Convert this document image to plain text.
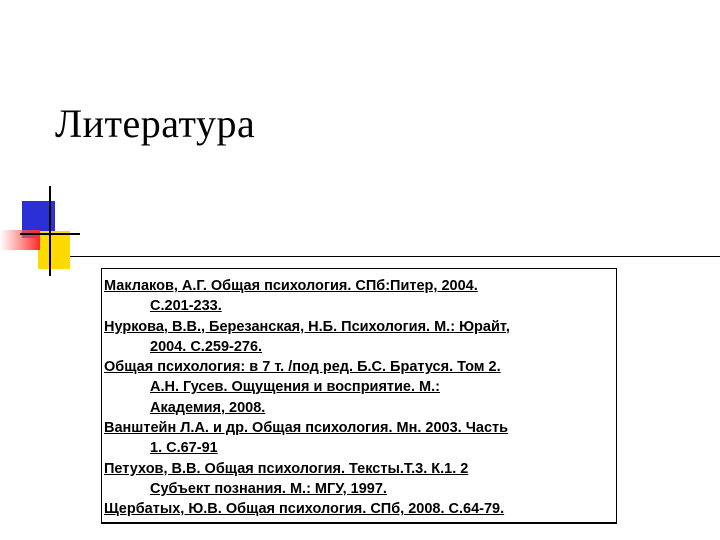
Литература
Маклаков, А.Г. Общая психология. СПб:Питер, 2004.
С.201-233.
Нуркова, В.В., Березанская, Н.Б. Психология. М.: Юрайт,
2004. С.259-276.
Общая психология: в 7 т. /под ред. Б.С. Братуся. Том 2.
А.Н. Гусев. Ощущения и восприятие. М.:
Академия, 2008.
Ванштейн Л.А. и др. Общая психология. Мн. 2003. Часть
1. С.67-91
Петухов, В.В. Общая психология. Тексты.Т.3. К.1. 2
Субъект познания. М.: МГУ, 1997.
Щербатых, Ю.В. Общая психология. СПб, 2008. С.64-79.
